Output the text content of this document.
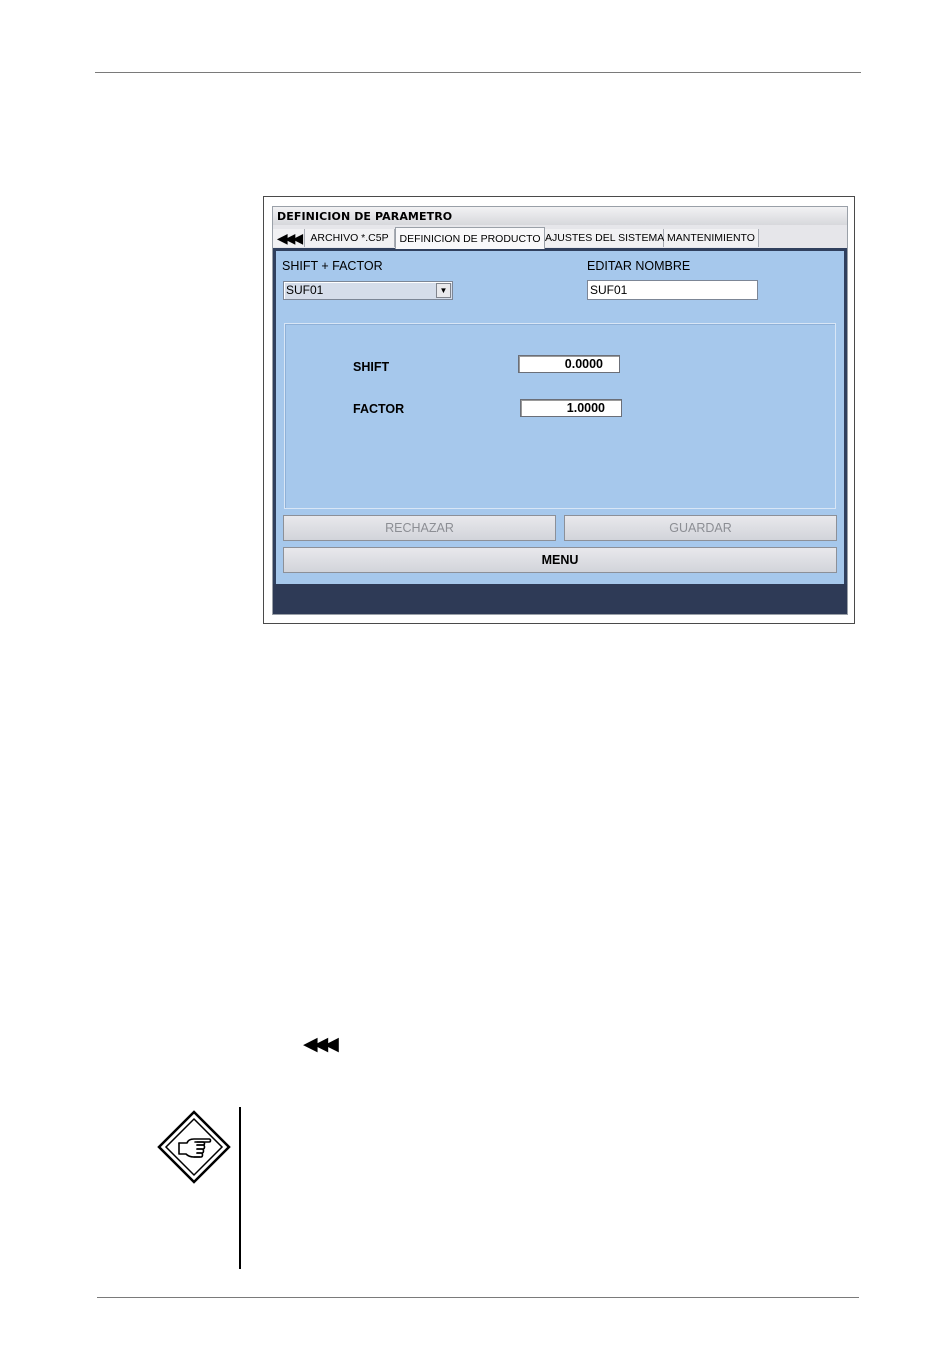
DEFINICION DE PARAMETRO
◀◀◀ ARCHIVO *.C5P	DEFINICION DE PRODUCTO AJUSTES DEL SISTEMA MANTENIMIENTO
SHIFT + FACTOR
SUF01	▼
EDITAR NOMBRE
SUF01
SHIFT	0.0000
FACTOR	1.0000
RECHAZAR	GUARDAR
MENU
◀◀◀
